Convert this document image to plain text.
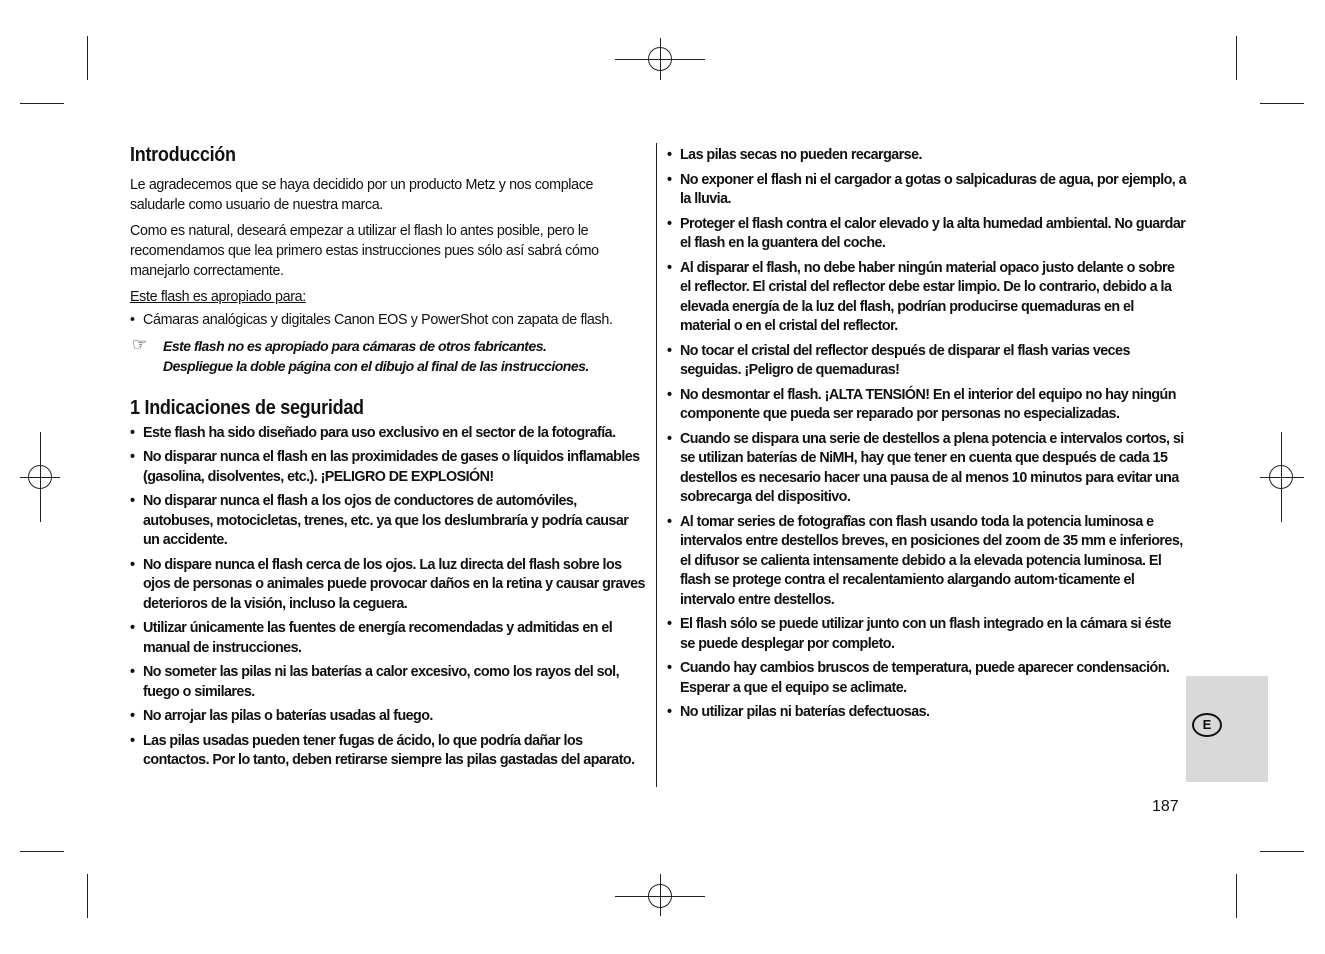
Introducción

Le agradecemos que se haya decidido por un producto Metz y nos complace saludarle como usuario de nuestra marca.

Como es natural, deseará empezar a utilizar el flash lo antes posible, pero le recomendamos que lea primero estas instrucciones pues sólo así sabrá cómo manejarlo correctamente.

Este flash es apropiado para:

• Cámaras analógicas y digitales Canon EOS y PowerShot con zapata de flash.
☞ Este flash no es apropiado para cámaras de otros fabricantes.
Despliegue la doble página con el dibujo al final de las instrucciones.
1 Indicaciones de seguridad
• Este flash ha sido diseñado para uso exclusivo en el sector de la fotografía.
• No disparar nunca el flash en las proximidades de gases o líquidos inflamables (gasolina, disolventes, etc.). ¡PELIGRO DE EXPLOSIÓN!
• No disparar nunca el flash a los ojos de conductores de automóviles, autobuses, motocicletas, trenes, etc. ya que los deslumbraría y podría causar un accidente.
• No dispare nunca el flash cerca de los ojos. La luz directa del flash sobre los ojos de personas o animales puede provocar daños en la retina y causar graves deterioros de la visión, incluso la ceguera.
• Utilizar únicamente las fuentes de energía recomendadas y admitidas en el manual de instrucciones.
• No someter las pilas ni las baterías a calor excesivo, como los rayos del sol, fuego o similares.
• No arrojar las pilas o baterías usadas al fuego.
• Las pilas usadas pueden tener fugas de ácido, lo que podría dañar los contactos. Por lo tanto, deben retirarse siempre las pilas gastadas del aparato.
• Las pilas secas no pueden recargarse.
• No exponer el flash ni el cargador a gotas o salpicaduras de agua, por ejemplo, a la lluvia.
• Proteger el flash contra el calor elevado y la alta humedad ambiental. No guardar el flash en la guantera del coche.
• Al disparar el flash, no debe haber ningún material opaco justo delante o sobre el reflector. El cristal del reflector debe estar limpio. De lo contrario, debido a la elevada energía de la luz del flash, podrían producirse quemaduras en el material o en el cristal del reflector.
• No tocar el cristal del reflector después de disparar el flash varias veces seguidas. ¡Peligro de quemaduras!
• No desmontar el flash. ¡ALTA TENSIÓN! En el interior del equipo no hay ningún componente que pueda ser reparado por personas no especializadas.
• Cuando se dispara una serie de destellos a plena potencia e intervalos cortos, si se utilizan baterías de NiMH, hay que tener en cuenta que después de cada 15 destellos es necesario hacer una pausa de al menos 10 minutos para evitar una sobrecarga del dispositivo.
• Al tomar series de fotografîas con flash usando toda la potencia luminosa e intervalos entre destellos breves, en posiciones del zoom de 35 mm e inferiores, el difusor se calienta intensamente debido a la elevada potencia luminosa. El flash se protege contra el recalentamiento alargando autom·ticamente el intervalo entre destellos.
• El flash sólo se puede utilizar junto con un flash integrado en la cámara si éste se puede desplegar por completo.
• Cuando hay cambios bruscos de temperatura, puede aparecer condensación. Esperar a que el equipo se aclimate.
• No utilizar pilas ni baterías defectuosas.
E
187
